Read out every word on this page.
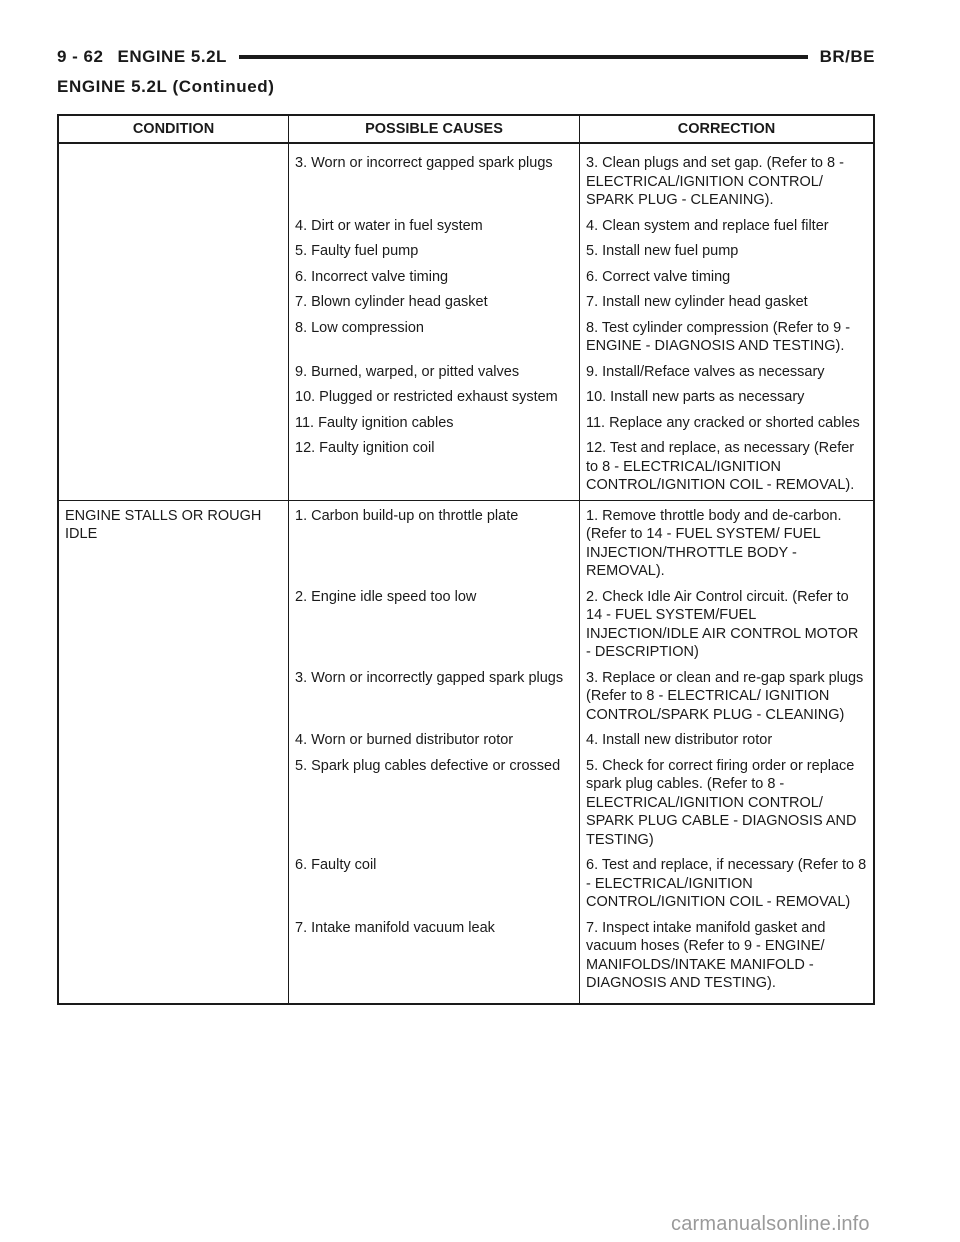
9 - 62 ENGINE 5.2L	BR/BE
ENGINE 5.2L (Continued)
CONDITION	POSSIBLE CAUSES	CORRECTION
	3. Worn or incorrect gapped spark plugs	3. Clean plugs and set gap. (Refer to 8 - ELECTRICAL/IGNITION CONTROL/ SPARK PLUG - CLEANING).
	4. Dirt or water in fuel system	4. Clean system and replace fuel filter
	5. Faulty fuel pump	5. Install new fuel pump
	6. Incorrect valve timing	6. Correct valve timing
	7. Blown cylinder head gasket	7. Install new cylinder head gasket
	8. Low compression	8. Test cylinder compression (Refer to 9 - ENGINE - DIAGNOSIS AND TESTING).
	9. Burned, warped, or pitted valves	9. Install/Reface valves as necessary
	10. Plugged or restricted exhaust system	10. Install new parts as necessary
	11. Faulty ignition cables	11. Replace any cracked or shorted cables
	12. Faulty ignition coil	12. Test and replace, as necessary (Refer to 8 - ELECTRICAL/IGNITION CONTROL/IGNITION COIL - REMOVAL).
ENGINE STALLS OR ROUGH IDLE	1. Carbon build-up on throttle plate	1. Remove throttle body and de-carbon. (Refer to 14 - FUEL SYSTEM/ FUEL INJECTION/THROTTLE BODY - REMOVAL).
	2. Engine idle speed too low	2. Check Idle Air Control circuit. (Refer to 14 - FUEL SYSTEM/FUEL INJECTION/IDLE AIR CONTROL MOTOR - DESCRIPTION)
	3. Worn or incorrectly gapped spark plugs	3. Replace or clean and re-gap spark plugs (Refer to 8 - ELECTRICAL/ IGNITION CONTROL/SPARK PLUG - CLEANING)
	4. Worn or burned distributor rotor	4. Install new distributor rotor
	5. Spark plug cables defective or crossed	5. Check for correct firing order or replace spark plug cables. (Refer to 8 - ELECTRICAL/IGNITION CONTROL/ SPARK PLUG CABLE - DIAGNOSIS AND TESTING)
	6. Faulty coil	6. Test and replace, if necessary (Refer to 8 - ELECTRICAL/IGNITION CONTROL/IGNITION COIL - REMOVAL)
	7. Intake manifold vacuum leak	7. Inspect intake manifold gasket and vacuum hoses (Refer to 9 - ENGINE/ MANIFOLDS/INTAKE MANIFOLD - DIAGNOSIS AND TESTING).
carmanualsonline.info
